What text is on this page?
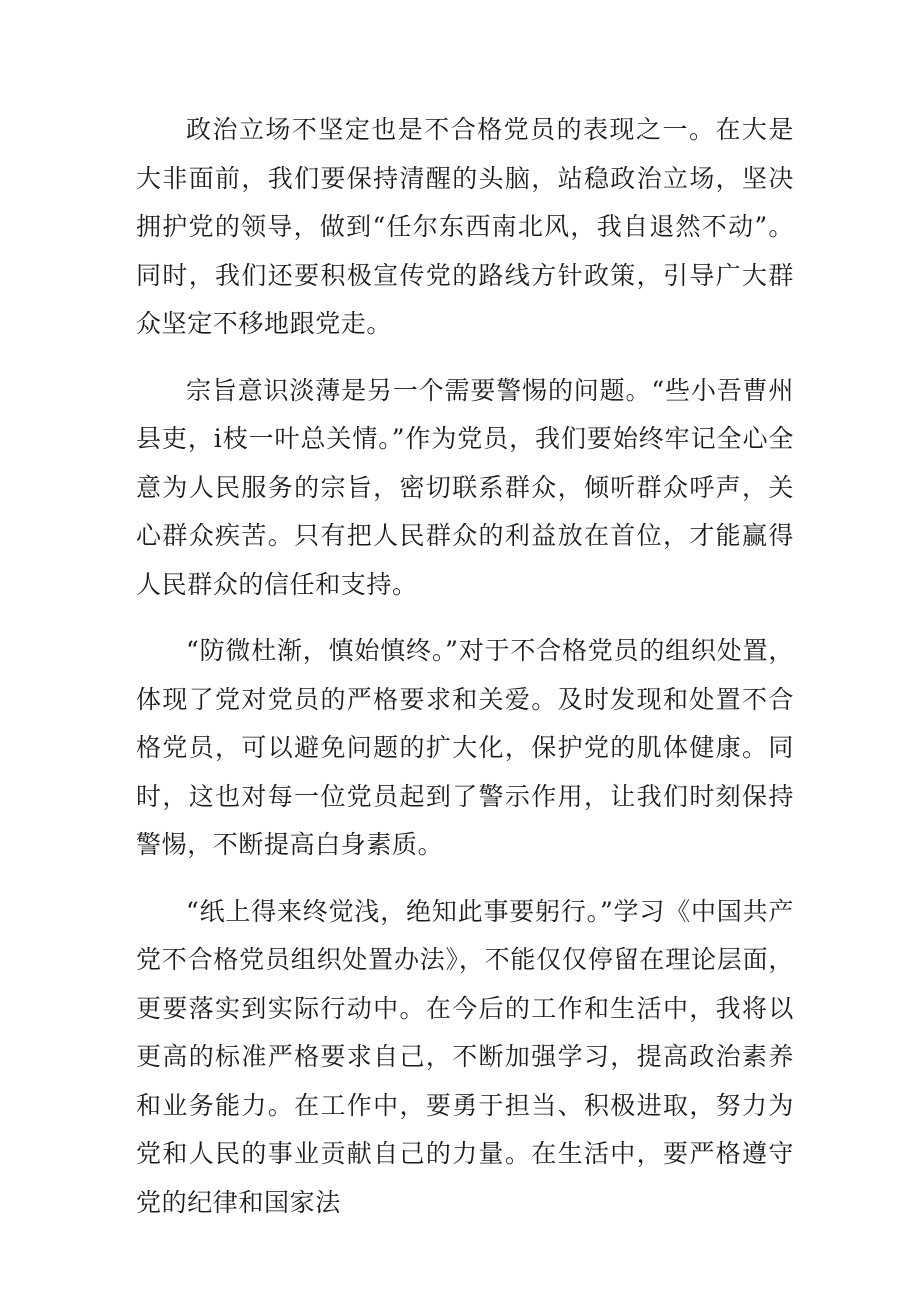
政治立场不坚定也是不合格党员的表现之一。在大是大非面前，我们要保持清醒的头脑，站稳政治立场，坚决拥护党的领导，做到“任尔东西南北风，我自退然不动”。同时，我们还要积极宣传党的路线方针政策，引导广大群众坚定不移地跟党走。

宗旨意识淡薄是另一个需要警惕的问题。“些小吾曹州县吏，i枝一叶总关情。”作为党员，我们要始终牢记全心全意为人民服务的宗旨，密切联系群众，倾听群众呼声，关心群众疾苦。只有把人民群众的利益放在首位，才能赢得人民群众的信任和支持。

“防微杜渐，慎始慎终。”对于不合格党员的组织处置，体现了党对党员的严格要求和关爱。及时发现和处置不合格党员，可以避免问题的扩大化，保护党的肌体健康。同时，这也对每一位党员起到了警示作用，让我们时刻保持警惕，不断提高白身素质。

“纸上得来终觉浅，绝知此事要躬行。”学习《中国共产党不合格党员组织处置办法》，不能仅仅停留在理论层面，更要落实到实际行动中。在今后的工作和生活中，我将以更高的标准严格要求自己，不断加强学习，提高政治素养和业务能力。在工作中，要勇于担当、积极进取，努力为党和人民的事业贡献自己的力量。在生活中，要严格遵守党的纪律和国家法
